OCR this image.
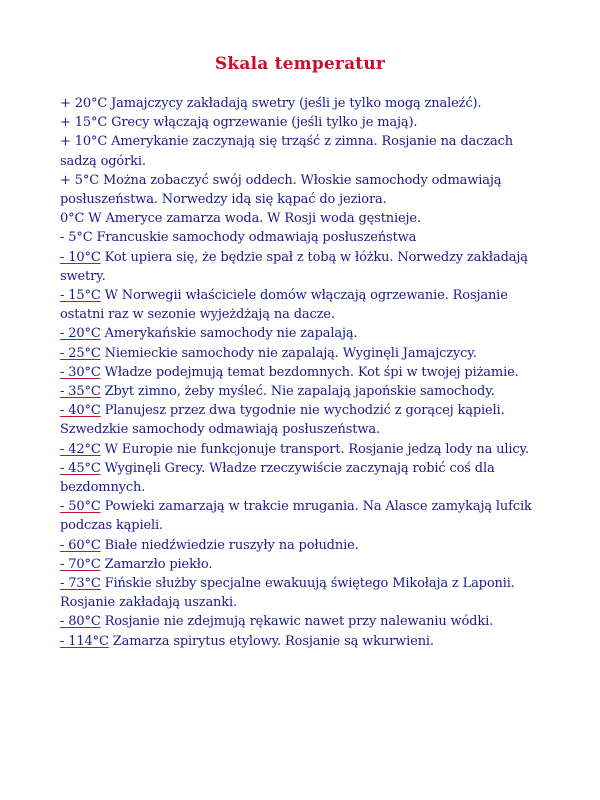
Skala temperatur
+ 20°C Jamajczycy zakładają swetry (jeśli je tylko mogą znaleźć).
+ 15°C Grecy włączają ogrzewanie (jeśli tylko je mają).
+ 10°C Amerykanie zaczynają się trząść z zimna. Rosjanie na daczach sadzą ogórki.
+ 5°C Można zobaczyć swój oddech. Włoskie samochody odmawiają posłuszeństwa. Norwedzy idą się kąpać do jeziora.
0°C W Ameryce zamarza woda. W Rosji woda gęstnieje.
- 5°C Francuskie samochody odmawiają posłuszeństwa
- 10°C Kot upiera się, że będzie spał z tobą w łóżku. Norwedzy zakładają swetry.
- 15°C W Norwegii właściciele domów włączają ogrzewanie. Rosjanie ostatni raz w sezonie wyjeżdżają na dacze.
- 20°C Amerykańskie samochody nie zapalają.
- 25°C Niemieckie samochody nie zapalają. Wyginęli Jamajczycy.
- 30°C Władze podejmują temat bezdomnych. Kot śpi w twojej piżamie.
- 35°C Zbyt zimno, żeby myśleć. Nie zapalają japońskie samochody.
- 40°C Planujesz przez dwa tygodnie nie wychodzić z gorącej kąpieli. Szwedzkie samochody odmawiają posłuszeństwa.
- 42°C W Europie nie funkcjonuje transport. Rosjanie jedzą lody na ulicy.
- 45°C Wyginęli Grecy. Władze rzeczywiście zaczynają robić coś dla bezdomnych.
- 50°C Powieki zamarzają w trakcie mrugania. Na Alasce zamykają lufcik podczas kąpieli.
- 60°C Białe niedźwiedzie ruszyły na południe.
- 70°C Zamarzło piekło.
- 73°C Fińskie służby specjalne ewakuują świętego Mikołaja z Laponii. Rosjanie zakładają uszanki.
- 80°C Rosjanie nie zdejmują rękawic nawet przy nalewaniu wódki.
- 114°C Zamarza spirytus etylowy. Rosjanie są wkurwieni.
